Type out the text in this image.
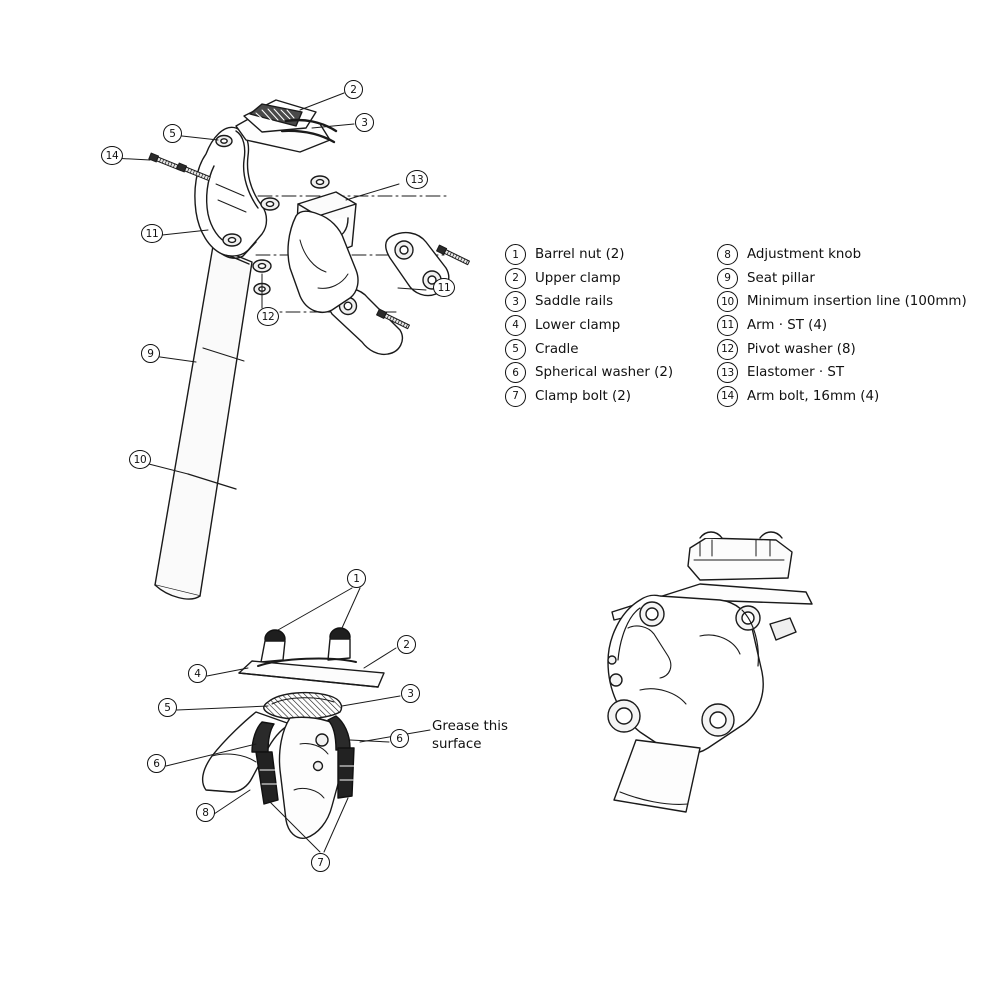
2
3
5
14
13
11
11
12
9
10
1
2
4
3
5
6
6
8
7
Grease this surface
1	Barrel nut (2)
2	Upper clamp
3	Saddle rails
4	Lower clamp
5	Cradle
6	Spherical washer (2)
7	Clamp bolt (2)
8	Adjustment knob
9	Seat pillar
10 Minimum insertion line (100mm)
11 Arm · ST (4)
12 Pivot washer (8)
13 Elastomer · ST
14 Arm bolt, 16mm (4)
